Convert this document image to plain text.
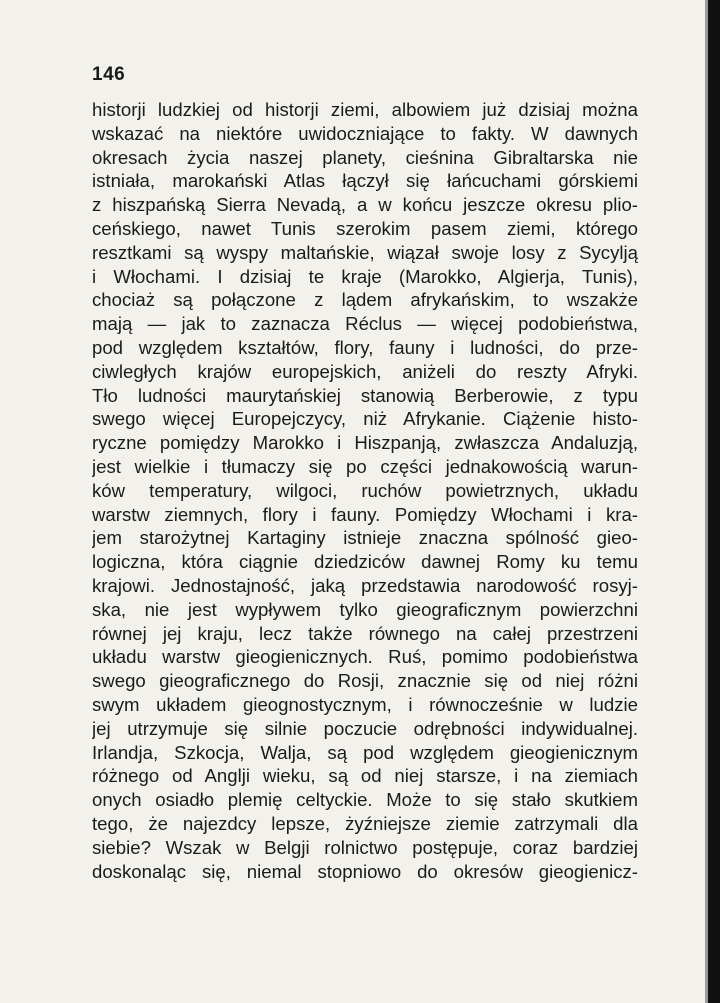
146
historji ludzkiej od historji ziemi, albowiem już dzisiaj można
wskazać na niektóre uwidoczniające to fakty. W dawnych
okresach życia naszej planety, cieśnina Gibraltarska nie
istniała, marokański Atlas łączył się łańcuchami górskiemi
z hiszpańską Sierra Nevadą, a w końcu jeszcze okresu plio-
ceńskiego, nawet Tunis szerokim pasem ziemi, którego
resztkami są wyspy maltańskie, wiązał swoje losy z Sycylją
i Włochami. I dzisiaj te kraje (Marokko, Algierja, Tunis),
chociaż są połączone z lądem afrykańskim, to wszakże
mają — jak to zaznacza Réclus — więcej podobieństwa,
pod względem kształtów, flory, fauny i ludności, do prze-
ciwległych krajów europejskich, aniżeli do reszty Afryki.
Tło ludności maurytańskiej stanowią Berberowie, z typu
swego więcej Europejczycy, niż Afrykanie. Ciążenie histo-
ryczne pomiędzy Marokko i Hiszpanją, zwłaszcza Andaluzją,
jest wielkie i tłumaczy się po części jednakowością warun-
ków temperatury, wilgoci, ruchów powietrznych, układu
warstw ziemnych, flory i fauny. Pomiędzy Włochami i kra-
jem starożytnej Kartaginy istnieje znaczna spólność gieo-
logiczna, która ciągnie dziedziców dawnej Romy ku temu
krajowi. Jednostajność, jaką przedstawia narodowość rosyj-
ska, nie jest wypływem tylko gieograficznym powierzchni
równej jej kraju, lecz także równego na całej przestrzeni
układu warstw gieogienicznych. Ruś, pomimo podobieństwa
swego gieograficznego do Rosji, znacznie się od niej różni
swym układem gieognostycznym, i równocześnie w ludzie
jej utrzymuje się silnie poczucie odrębności indywidualnej.
Irlandja, Szkocja, Walja, są pod względem gieogienicznym
różnego od Anglji wieku, są od niej starsze, i na ziemiach
onych osiadło plemię celtyckie. Może to się stało skutkiem
tego, że najezdcy lepsze, żyźniejsze ziemie zatrzymali dla
siebie? Wszak w Belgji rolnictwo postępuje, coraz bardziej
doskonaląc się, niemal stopniowo do okresów gieogienicz-
